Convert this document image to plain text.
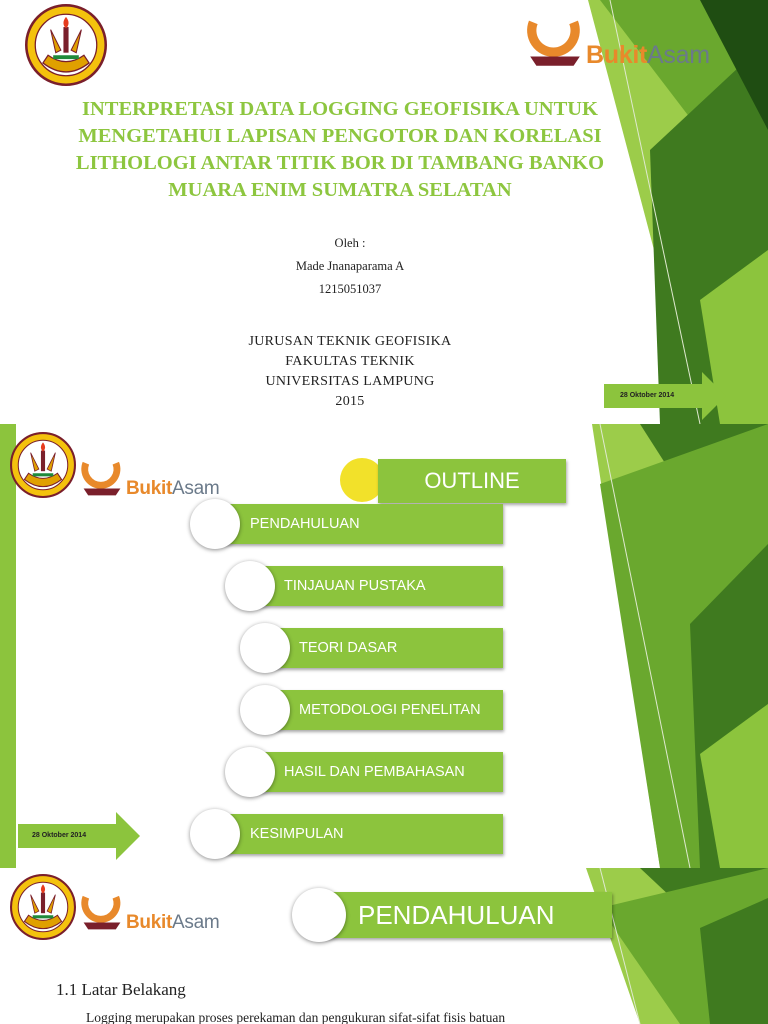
BukitAsam
INTERPRETASI DATA LOGGING GEOFISIKA UNTUK
MENGETAHUI LAPISAN PENGOTOR DAN KORELASI
LITHOLOGI ANTAR TITIK BOR DI TAMBANG BANKO
MUARA ENIM SUMATRA SELATAN
Oleh :
Made Jnanaparama A
1215051037
JURUSAN TEKNIK GEOFISIKA
FAKULTAS TEKNIK
UNIVERSITAS LAMPUNG
2015	28 Oktober 2014
BukitAsam	OUTLINE
PENDAHULUAN
TINJAUAN PUSTAKA
TEORI DASAR
METODOLOGI PENELITAN
HASIL DAN PEMBAHASAN
KESIMPULAN
28 Oktober 2014
BukitAsam	PENDAHULUAN
1.1 Latar Belakang
Logging merupakan proses perekaman dan pengukuran sifat-sifat fisis batuan
